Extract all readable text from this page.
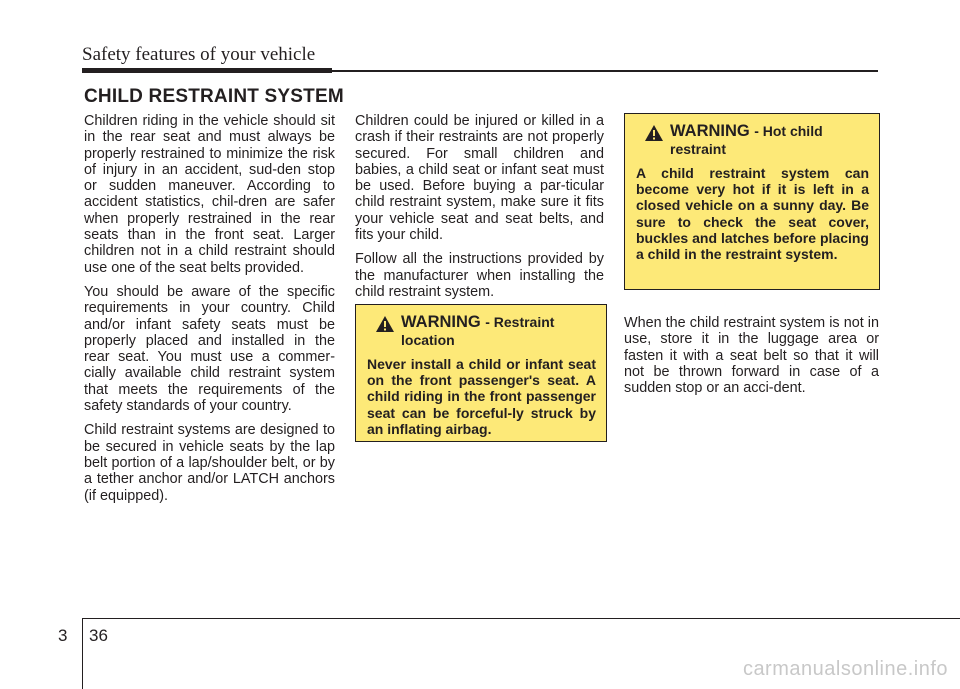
Safety features of your vehicle
CHILD RESTRAINT SYSTEM

Children riding in the vehicle should sit in the rear seat and must always be properly restrained to minimize the risk of injury in an accident, sud-den stop or sudden maneuver. According to accident statistics, chil-dren are safer when properly restrained in the rear seats than in the front seat. Larger children not in a child restraint should use one of the seat belts provided.

You should be aware of the specific requirements in your country. Child and/or infant safety seats must be properly placed and installed in the rear seat. You must use a commer-cially available child restraint system that meets the requirements of the safety standards of your country.

Child restraint systems are designed to be secured in vehicle seats by the lap belt portion of a lap/shoulder belt, or by a tether anchor and/or LATCH anchors (if equipped).

Children could be injured or killed in a crash if their restraints are not properly secured. For small children and babies, a child seat or infant seat must be used. Before buying a par-ticular child restraint system, make sure it fits your vehicle seat and seat belts, and fits your child.

Follow all the instructions provided by the manufacturer when installing the child restraint system.

WARNING - Restraint location
Never install a child or infant seat on the front passenger's seat. A child riding in the front passenger seat can be forceful-ly struck by an inflating airbag.
WARNING - Hot child restraint
A child restraint system can become very hot if it is left in a closed vehicle on a sunny day. Be sure to check the seat cover, buckles and latches before placing a child in the restraint system.

When the child restraint system is not in use, store it in the luggage area or fasten it with a seat belt so that it will not be thrown forward in case of a sudden stop or an acci-dent.

3 36
carmanualsonline.info
